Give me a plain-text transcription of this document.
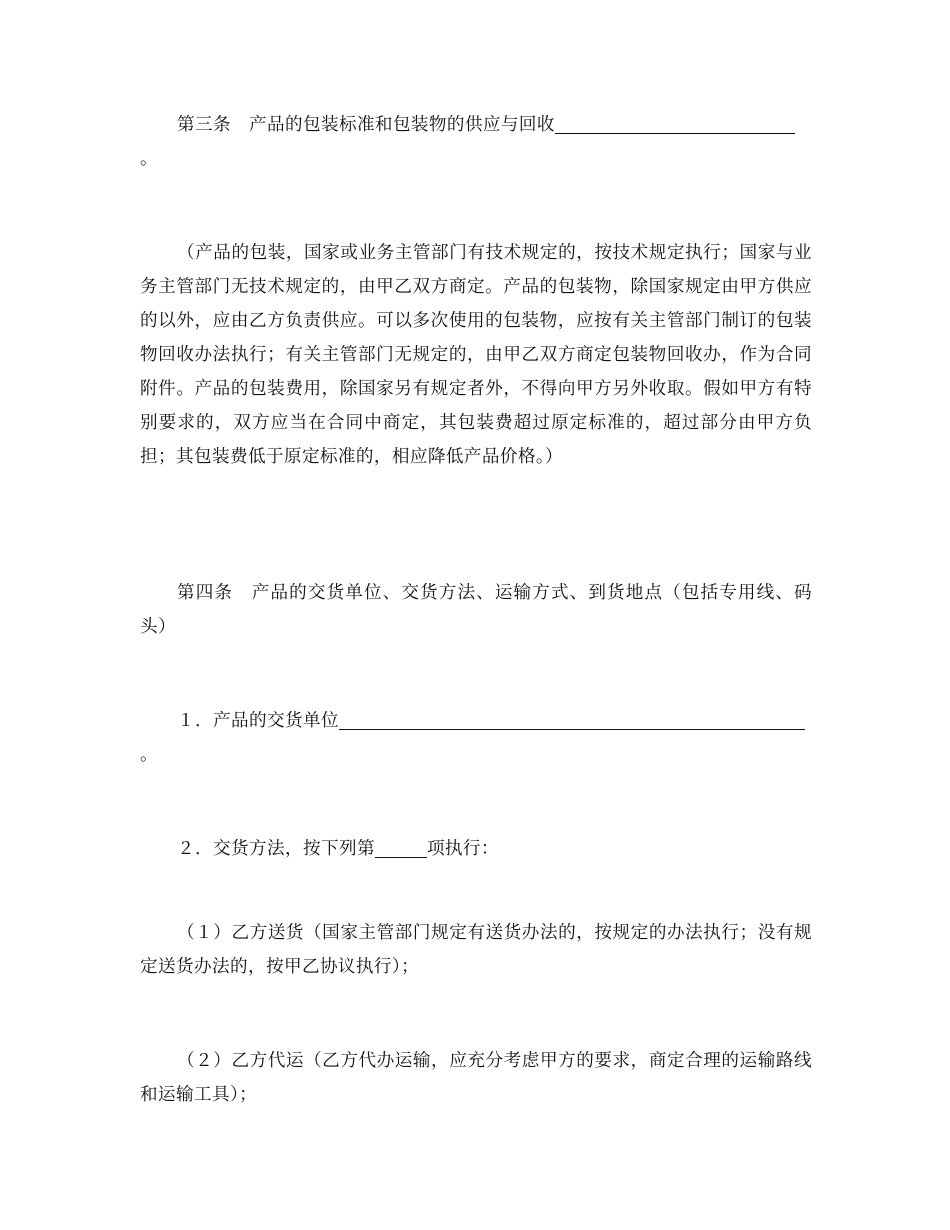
第三条　产品的包装标准和包装物的供应与回收
。

（产品的包装，国家或业务主管部门有技术规定的，按技术规定执行；国家与业务主管部门无技术规定的，由甲乙双方商定。产品的包装物，除国家规定由甲方供应的以外，应由乙方负责供应。可以多次使用的包装物，应按有关主管部门制订的包装物回收办法执行；有关主管部门无规定的，由甲乙双方商定包装物回收办，作为合同附件。产品的包装费用，除国家另有规定者外，不得向甲方另外收取。假如甲方有特别要求的，双方应当在合同中商定，其包装费超过原定标准的，超过部分由甲方负担；其包装费低于原定标准的，相应降低产品价格。）

第四条　产品的交货单位、交货方法、运输方式、到货地点（包括专用线、码头）

１．产品的交货单位
。

２．交货方法，按下列第	项执行：

（１）乙方送货（国家主管部门规定有送货办法的，按规定的办法执行；没有规定送货办法的，按甲乙协议执行）；

（２）乙方代运（乙方代办运输，应充分考虑甲方的要求，商定合理的运输路线和运输工具）；
